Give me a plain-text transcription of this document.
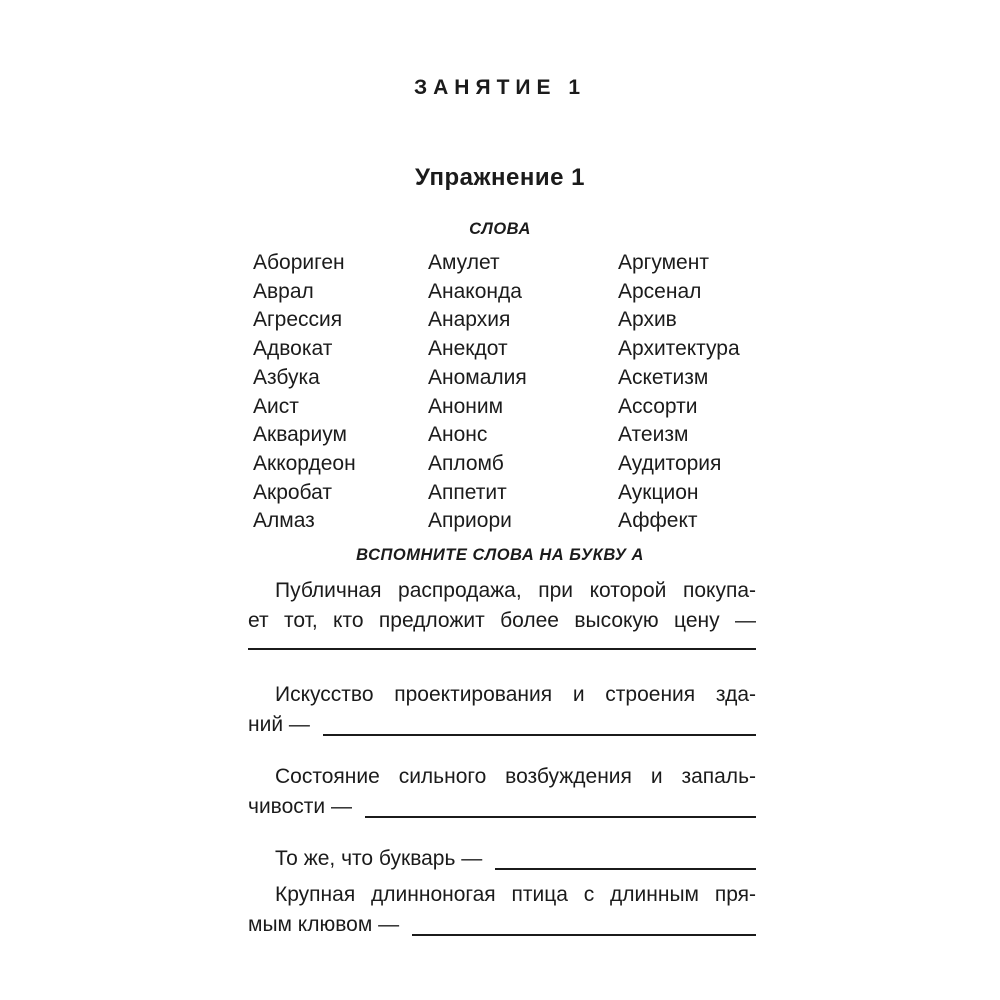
ЗАНЯТИЕ 1
Упражнение 1
СЛОВА
Абориген
Аврал
Агрессия
Адвокат
Азбука
Аист
Аквариум
Аккордеон
Акробат
Алмаз
Амулет
Анаконда
Анархия
Анекдот
Аномалия
Аноним
Анонс
Апломб
Аппетит
Априори
Аргумент
Арсенал
Архив
Архитектура
Аскетизм
Ассорти
Атеизм
Аудитория
Аукцион
Аффект
ВСПОМНИТЕ СЛОВА НА БУКВУ А
Публичная распродажа, при которой покупа-
ет тот, кто предложит более высокую цену —
Искусство проектирования и строения зда-
ний —
Состояние сильного возбуждения и запаль-
чивости —
То же, что букварь —
Крупная длинноногая птица с длинным пря-
мым клювом —
